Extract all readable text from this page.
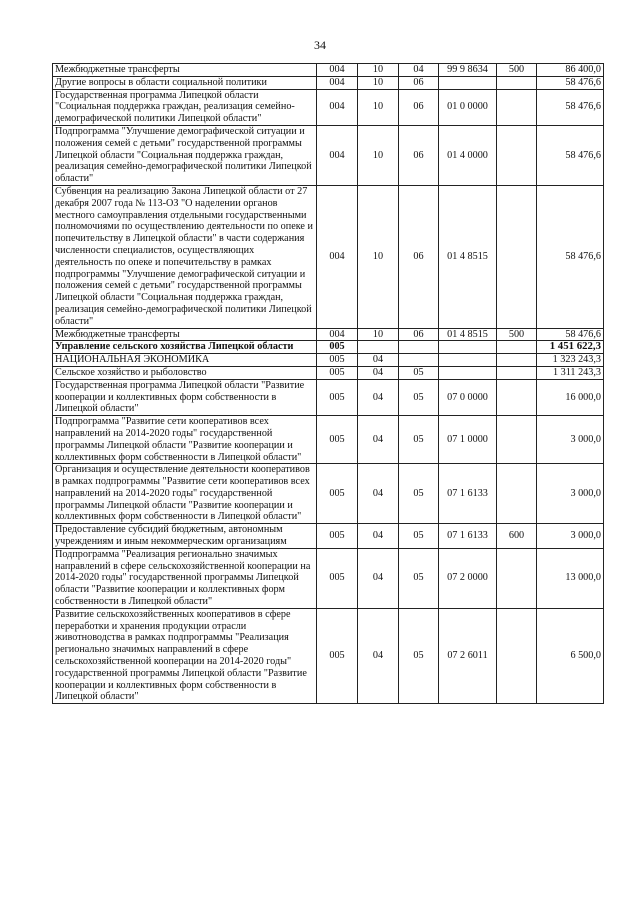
34
Межбюджетные трансферты	004	10	04	99 9 8634	500	86 400,0
Другие вопросы в области социальной политики	004	10	06			58 476,6
Государственная программа Липецкой области "Социальная поддержка граждан, реализация семейно-демографической политики Липецкой области"	004	10	06	01 0 0000		58 476,6
Подпрограмма "Улучшение демографической ситуации и положения семей с детьми" государственной программы Липецкой области "Социальная поддержка граждан, реализация семейно-демографической политики Липецкой области"	004	10	06	01 4 0000		58 476,6
Субвенция на реализацию Закона Липецкой области от 27 декабря 2007 года № 113-ОЗ "О наделении органов местного самоуправления отдельными государственными полномочиями по осуществлению деятельности по опеке и попечительству в Липецкой области" в части содержания численности специалистов, осуществляющих деятельность по опеке и попечительству в рамках подпрограммы "Улучшение демографической ситуации и положения семей с детьми" государственной программы Липецкой области "Социальная поддержка граждан, реализация семейно-демографической политики Липецкой области"	004	10	06	01 4 8515		58 476,6
Межбюджетные трансферты	004	10	06	01 4 8515	500	58 476,6
Управление сельского хозяйства Липецкой области	005					1 451 622,3
НАЦИОНАЛЬНАЯ ЭКОНОМИКА	005	04				1 323 243,3
Сельское хозяйство и рыболовство	005	04	05			1 311 243,3
Государственная программа Липецкой области "Развитие кооперации и коллективных форм собственности в Липецкой области"	005	04	05	07 0 0000		16 000,0
Подпрограмма "Развитие сети кооперативов всех направлений на 2014-2020 годы" государственной программы Липецкой области "Развитие кооперации и коллективных форм собственности в Липецкой области"	005	04	05	07 1 0000		3 000,0
Организация и осуществление деятельности кооперативов в рамках подпрограммы "Развитие сети кооперативов всех направлений на 2014-2020 годы" государственной программы Липецкой области "Развитие кооперации и коллективных форм собственности в Липецкой области"	005	04	05	07 1 6133		3 000,0
Предоставление субсидий бюджетным, автономным учреждениям и иным некоммерческим организациям	005	04	05	07 1 6133	600	3 000,0
Подпрограмма "Реализация регионально значимых направлений в сфере сельскохозяйственной кооперации на 2014-2020 годы" государственной программы Липецкой области "Развитие кооперации и коллективных форм собственности в Липецкой области"	005	04	05	07 2 0000		13 000,0
Развитие сельскохозяйственных кооперативов в сфере переработки и хранения продукции отрасли животноводства в рамках подпрограммы "Реализация регионально значимых направлений в сфере сельскохозяйственной кооперации на 2014-2020 годы" государственной программы Липецкой области "Развитие кооперации и коллективных форм собственности в Липецкой области"	005	04	05	07 2 6011		6 500,0
